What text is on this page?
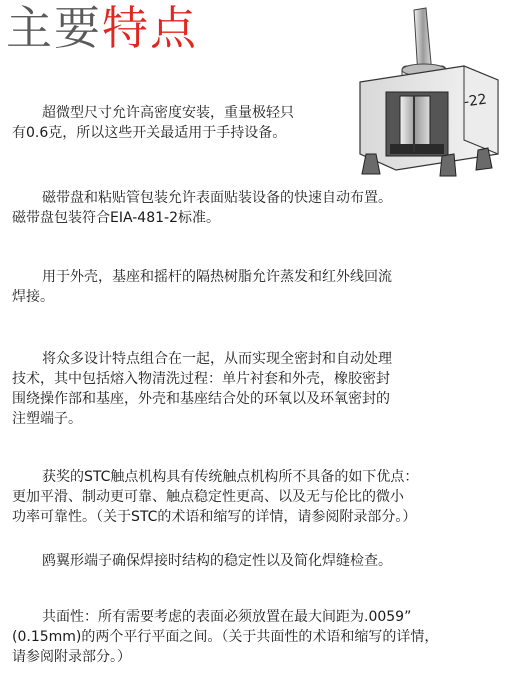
主要特点
-22
超微型尺寸允许高密度安装，重量极轻只
有0.6克，所以这些开关最适用于手持设备。
磁带盘和粘贴管包装允许表面贴装设备的快速自动布置。
磁带盘包装符合EIA-481-2标准。
用于外壳，基座和摇杆的隔热树脂允许蒸发和红外线回流
焊接。
将众多设计特点组合在一起，从而实现全密封和自动处理
技术，其中包括熔入物清洗过程：单片衬套和外壳，橡胶密封
围绕操作部和基座，外壳和基座结合处的环氧以及环氧密封的
注塑端子。
获奖的STC触点机构具有传统触点机构所不具备的如下优点：
更加平滑、制动更可靠、触点稳定性更高、以及无与伦比的微小
功率可靠性。（关于STC的术语和缩写的详情，请参阅附录部分。）
鸥翼形端子确保焊接时结构的稳定性以及简化焊缝检查。
共面性：所有需要考虑的表面必须放置在最大间距为.0059”
(0.15mm)的两个平行平面之间。（关于共面性的术语和缩写的详情，
请参阅附录部分。）
